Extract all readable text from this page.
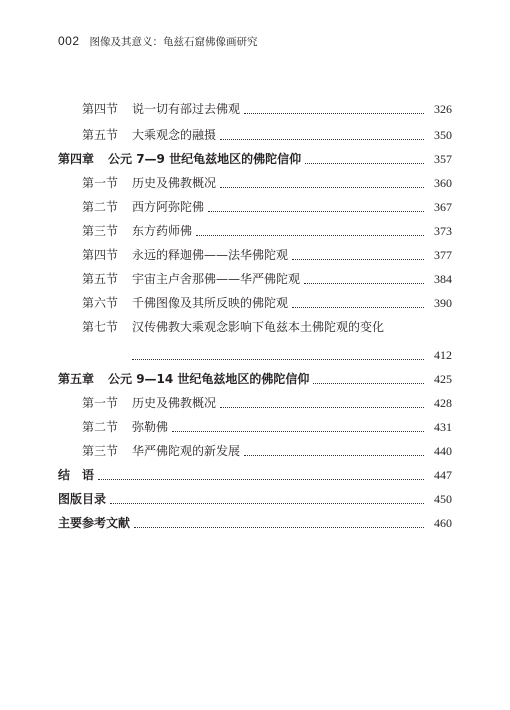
002 图像及其意义：龟兹石窟佛像画研究
第四节	说一切有部过去佛观	326
第五节	大乘观念的融摄	350
第四章 公元 7—9 世纪龟兹地区的佛陀信仰	357
第一节	历史及佛教概况	360
第二节	西方阿弥陀佛	367
第三节	东方药师佛	373
第四节	永远的释迦佛——法华佛陀观	377
第五节	宇宙主卢舍那佛——华严佛陀观	384
第六节	千佛图像及其所反映的佛陀观	390
第七节	汉传佛教大乘观念影响下龟兹本土佛陀观的变化
412
第五章 公元 9—14 世纪龟兹地区的佛陀信仰	425
第一节	历史及佛教概况	428
第二节	弥勒佛	431
第三节	华严佛陀观的新发展	440
结　语	447
图版目录	450
主要参考文献	460
